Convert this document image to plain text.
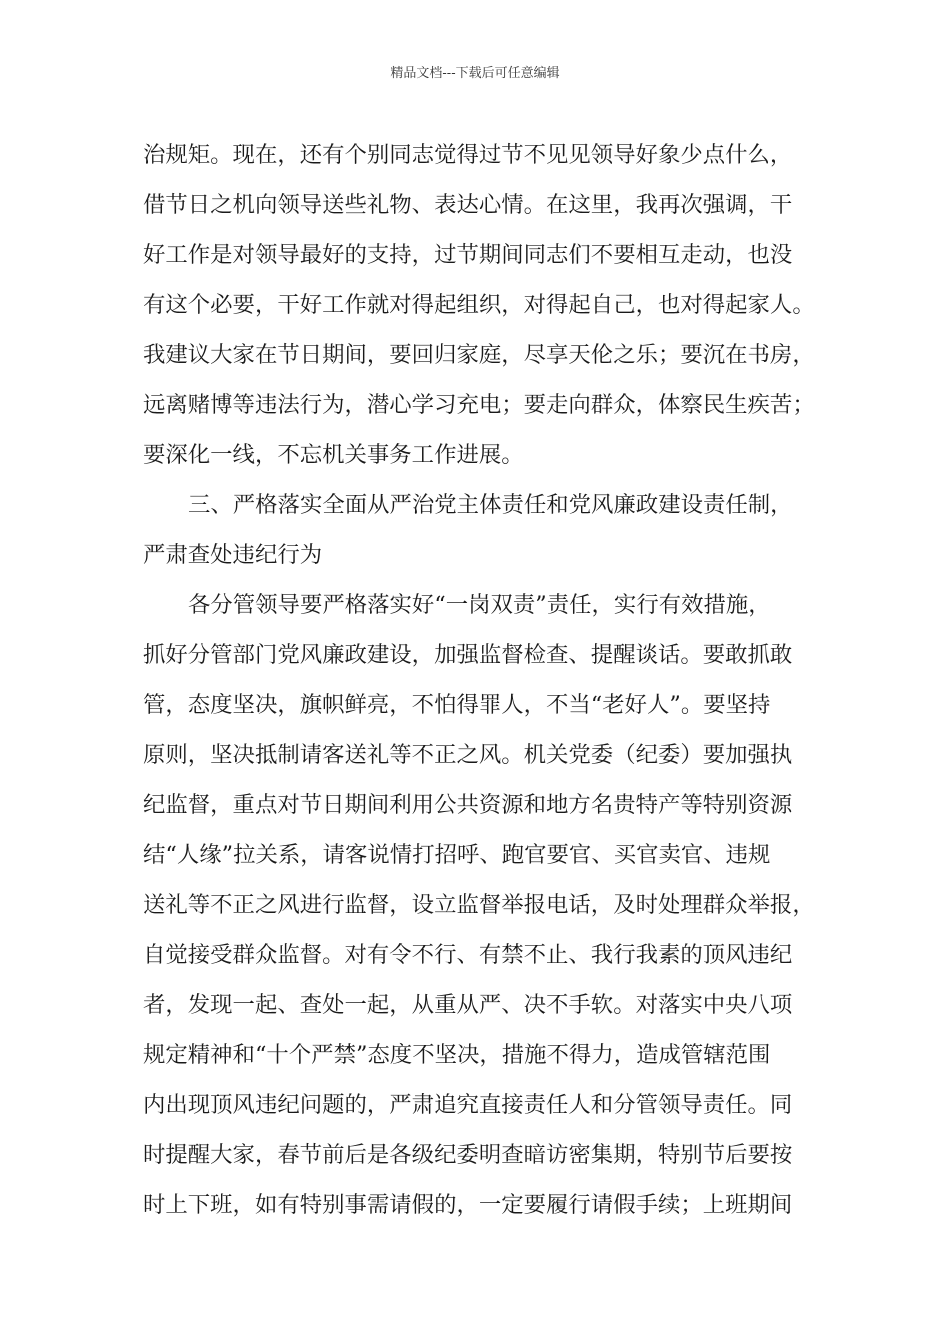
精品文档---下载后可任意编辑
治规矩。现在，还有个别同志觉得过节不见见领导好象少点什么，
借节日之机向领导送些礼物、表达心情。在这里，我再次强调，干
好工作是对领导最好的支持，过节期间同志们不要相互走动，也没
有这个必要，干好工作就对得起组织，对得起自己，也对得起家人。
我建议大家在节日期间，要回归家庭，尽享天伦之乐；要沉在书房，
远离赌博等违法行为，潜心学习充电；要走向群众，体察民生疾苦；
要深化一线，不忘机关事务工作进展。
三、严格落实全面从严治党主体责任和党风廉政建设责任制，
严肃查处违纪行为
各分管领导要严格落实好“一岗双责”责任，实行有效措施，
抓好分管部门党风廉政建设，加强监督检查、提醒谈话。要敢抓敢
管，态度坚决，旗帜鲜亮，不怕得罪人，不当“老好人”。要坚持
原则，坚决抵制请客送礼等不正之风。机关党委（纪委）要加强执
纪监督，重点对节日期间利用公共资源和地方名贵特产等特别资源
结“人缘”拉关系，请客说情打招呼、跑官要官、买官卖官、违规
送礼等不正之风进行监督，设立监督举报电话，及时处理群众举报，
自觉接受群众监督。对有令不行、有禁不止、我行我素的顶风违纪
者，发现一起、查处一起，从重从严、决不手软。对落实中央八项
规定精神和“十个严禁”态度不坚决，措施不得力，造成管辖范围
内出现顶风违纪问题的，严肃追究直接责任人和分管领导责任。同
时提醒大家，春节前后是各级纪委明查暗访密集期，特别节后要按
时上下班，如有特别事需请假的，一定要履行请假手续；上班期间
